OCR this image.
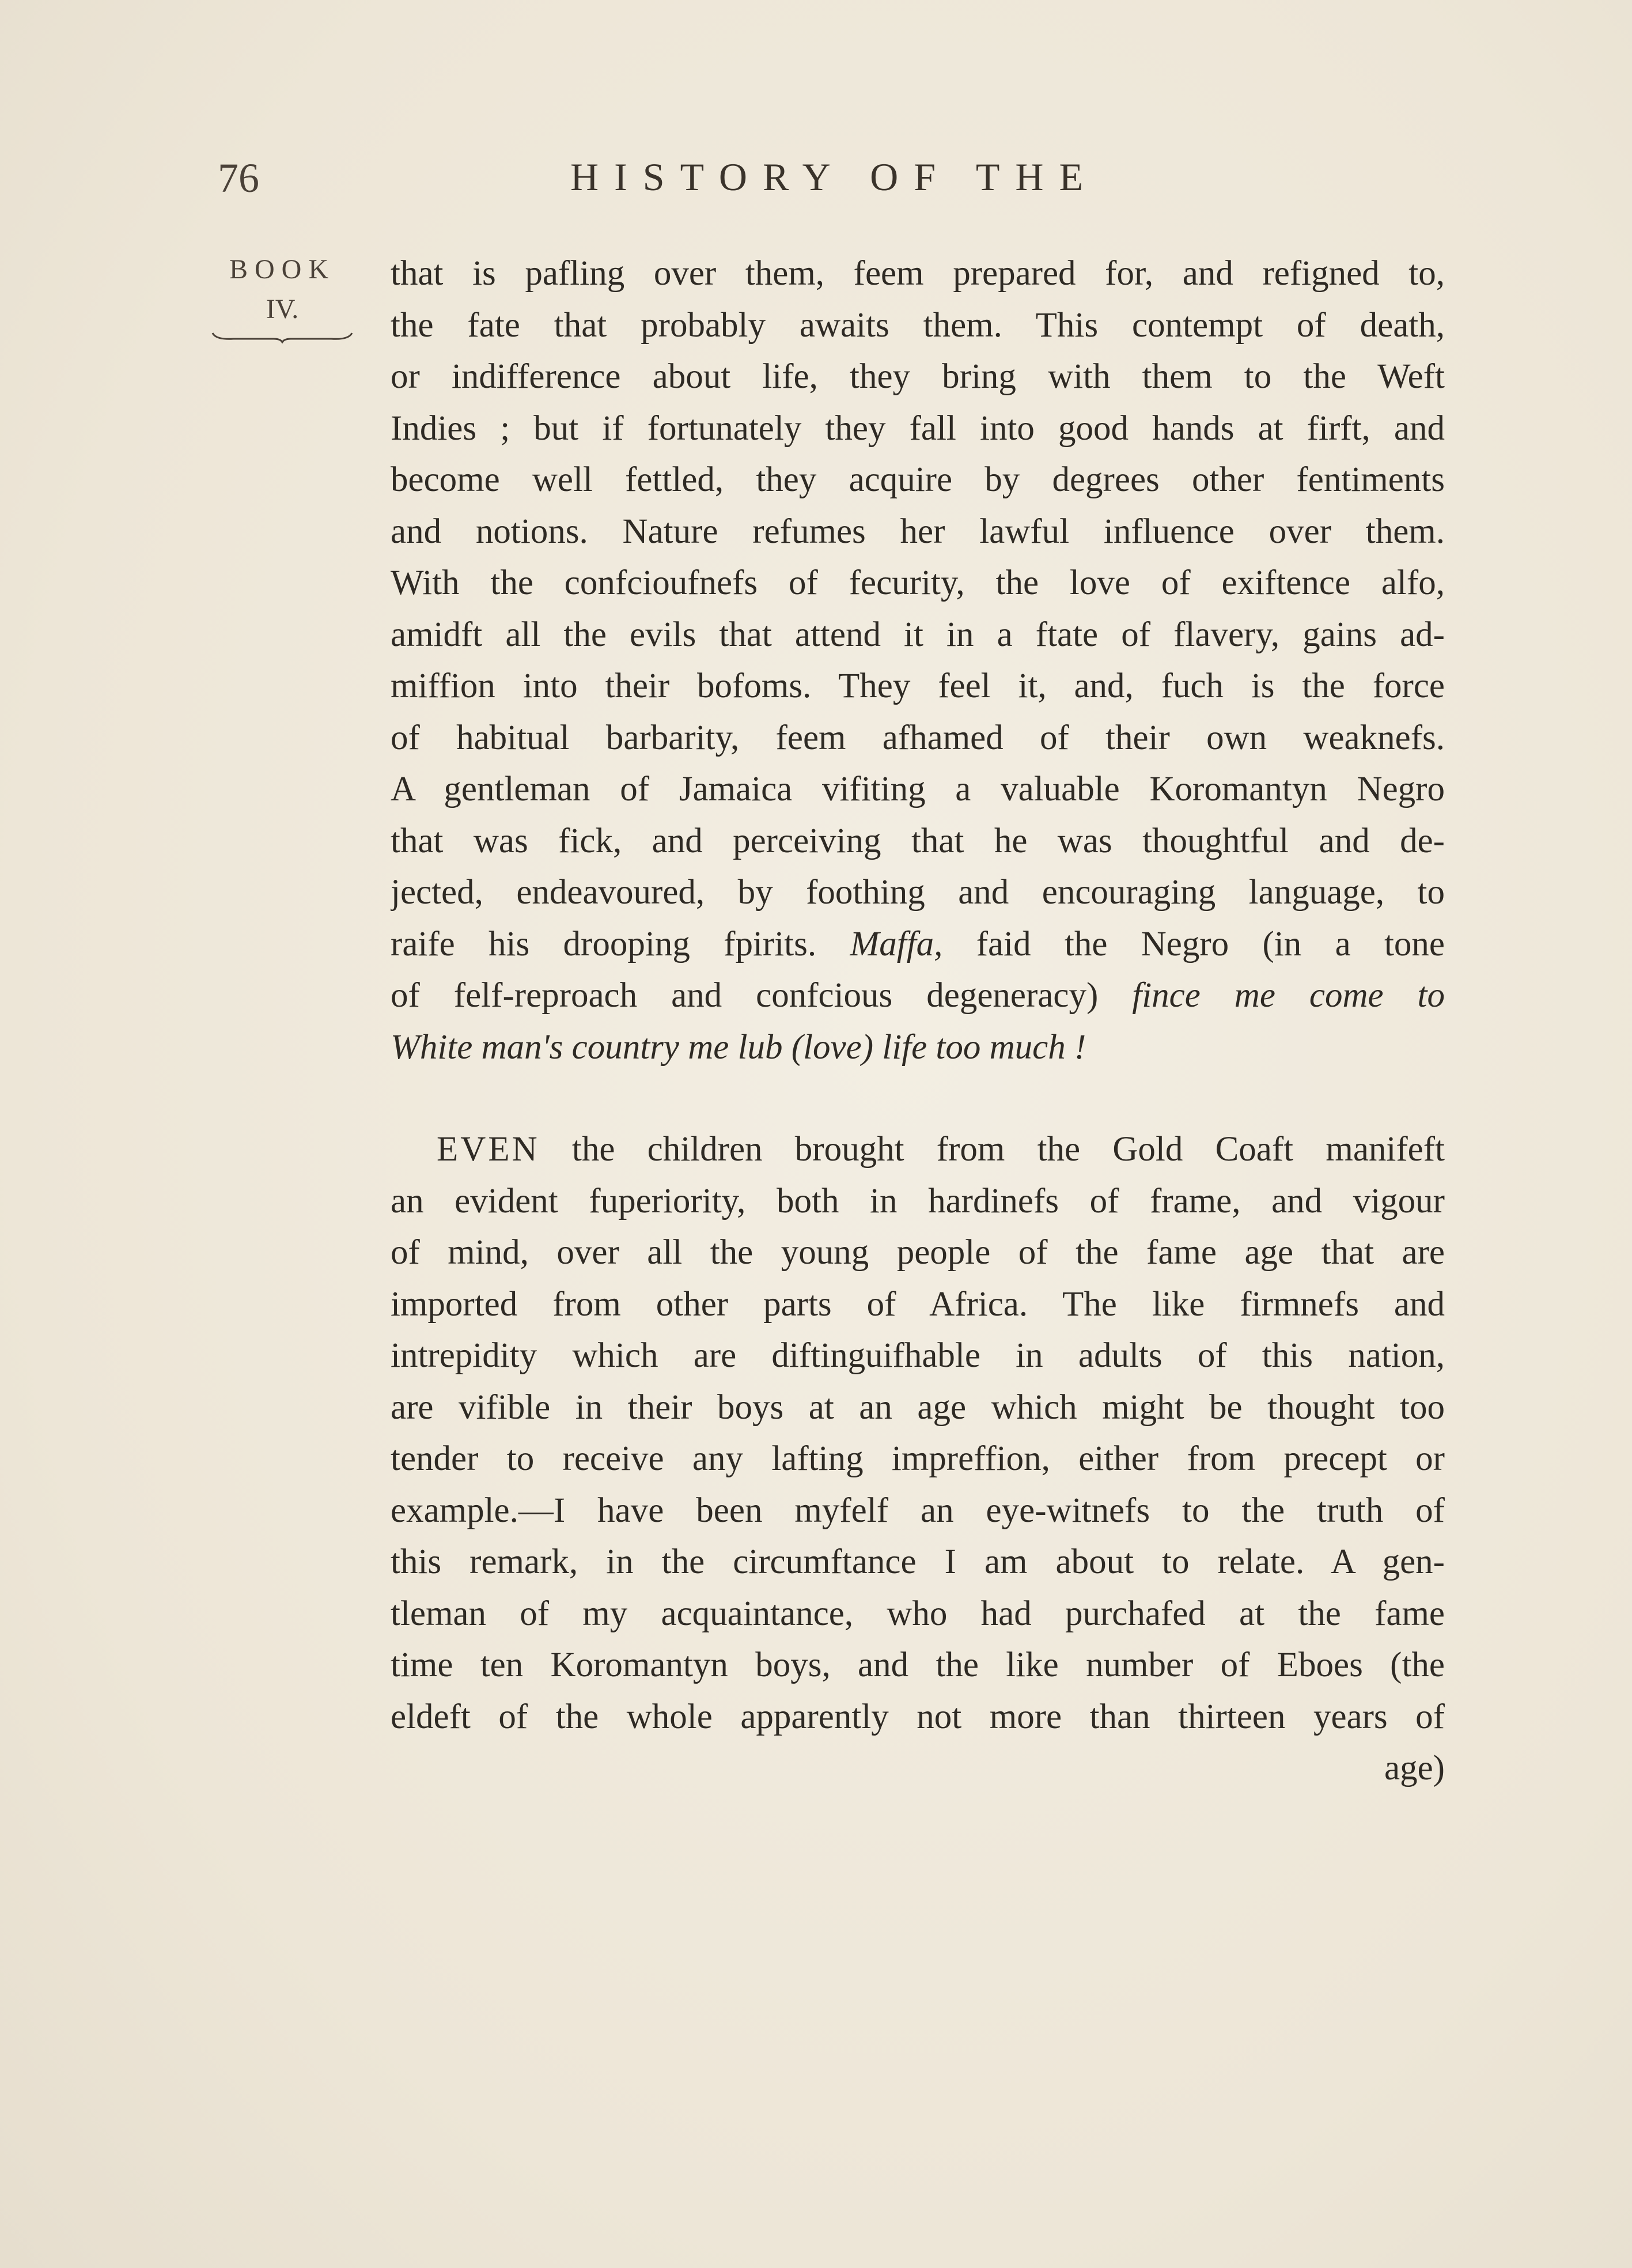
76	HISTORY OF THE
BOOK
IV.
that is pafling over them, feem prepared for, and refigned to,
the fate that probably awaits them. This contempt of death,
or indifference about life, they bring with them to the Weft
Indies ; but if fortunately they fall into good hands at firft, and
become well fettled, they acquire by degrees other fentiments
and notions. Nature refumes her lawful influence over them.
With the confcioufnefs of fecurity, the love of exiftence alfo,
amidft all the evils that attend it in a ftate of flavery, gains ad-
miffion into their bofoms. They feel it, and, fuch is the force
of habitual barbarity, feem afhamed of their own weaknefs.
A gentleman of Jamaica vifiting a valuable Koromantyn Negro
that was fick, and perceiving that he was thoughtful and de-
jected, endeavoured, by foothing and encouraging language, to
raife his drooping fpirits. Maffa, faid the Negro (in a tone
of felf-reproach and confcious degeneracy) fince me come to
White man's country me lub (love) life too much !
EVEN the children brought from the Gold Coaft manifeft
an evident fuperiority, both in hardinefs of frame, and vigour
of mind, over all the young people of the fame age that are
imported from other parts of Africa. The like firmnefs and
intrepidity which are diftinguifhable in adults of this nation,
are vifible in their boys at an age which might be thought too
tender to receive any lafting impreffion, either from precept or
example.—I have been myfelf an eye-witnefs to the truth of
this remark, in the circumftance I am about to relate. A gen-
tleman of my acquaintance, who had purchafed at the fame
time ten Koromantyn boys, and the like number of Eboes (the
eldeft of the whole apparently not more than thirteen years of
age)
